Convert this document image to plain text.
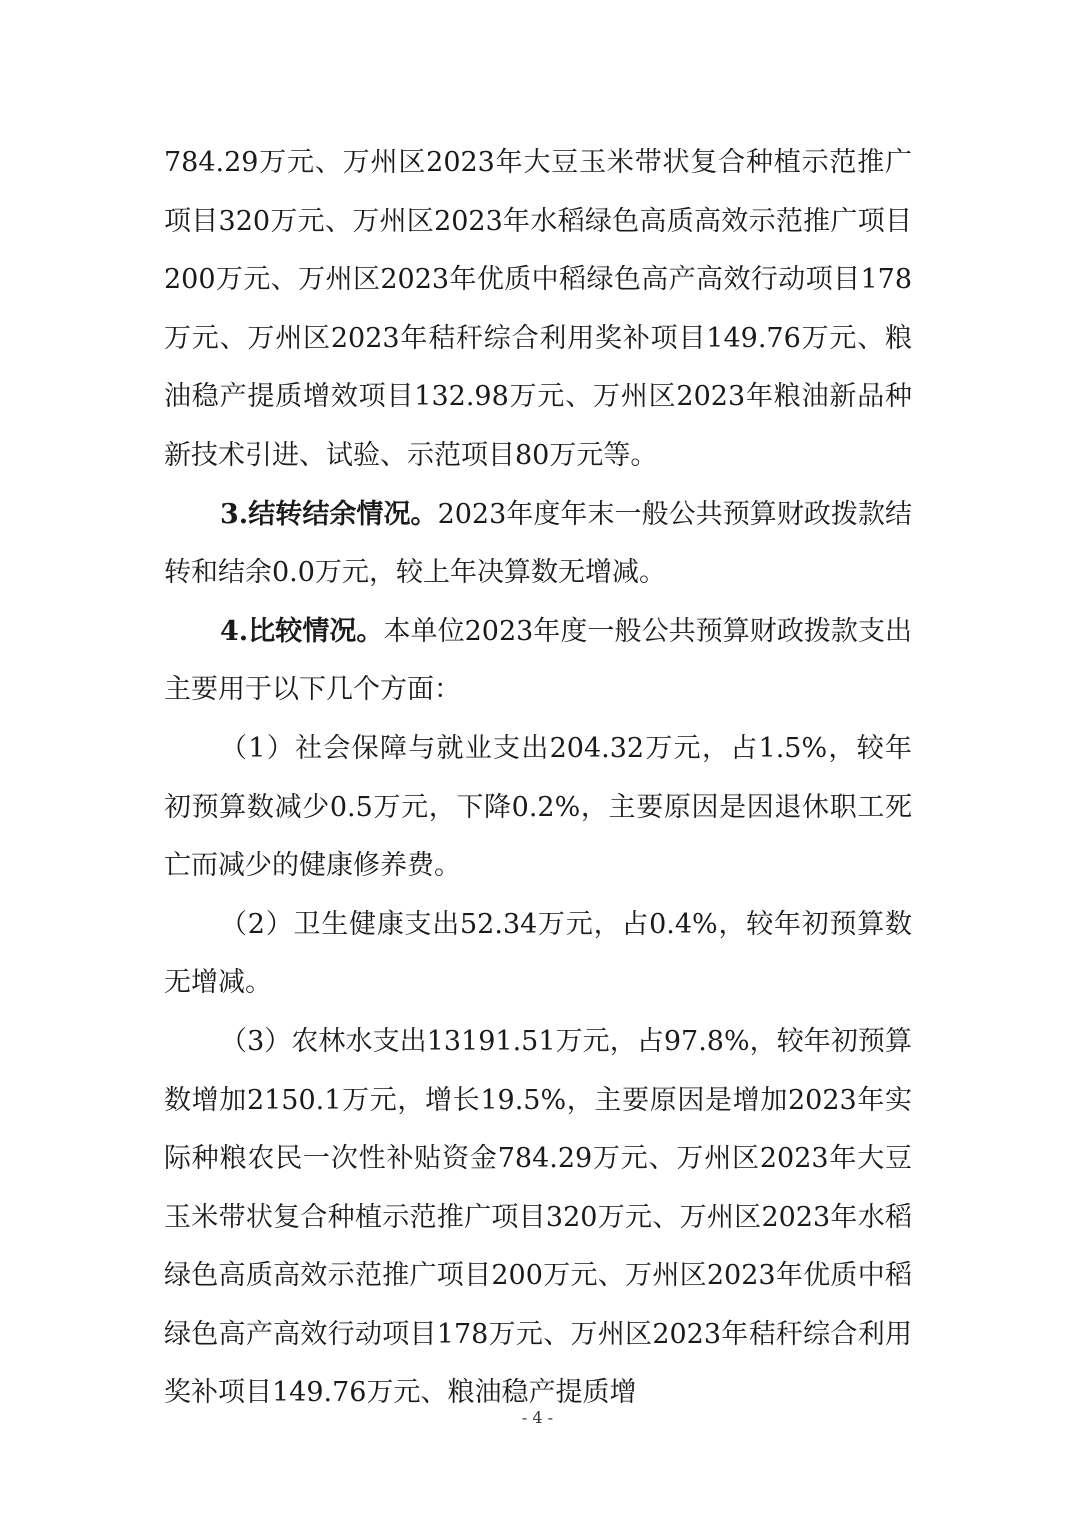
784.29万元、万州区2023年大豆玉米带状复合种植示范推广项目320万元、万州区2023年水稻绿色高质高效示范推广项目200万元、万州区2023年优质中稻绿色高产高效行动项目178万元、万州区2023年秸秆综合利用奖补项目149.76万元、粮油稳产提质增效项目132.98万元、万州区2023年粮油新品种新技术引进、试验、示范项目80万元等。

3.结转结余情况。2023年度年末一般公共预算财政拨款结转和结余0.0万元，较上年决算数无增减。

4.比较情况。本单位2023年度一般公共预算财政拨款支出主要用于以下几个方面：

（1）社会保障与就业支出204.32万元，占1.5%，较年初预算数减少0.5万元，下降0.2%，主要原因是因退休职工死亡而减少的健康修养费。

（2）卫生健康支出52.34万元，占0.4%，较年初预算数无增减。

（3）农林水支出13191.51万元，占97.8%，较年初预算数增加2150.1万元，增长19.5%，主要原因是增加2023年实际种粮农民一次性补贴资金784.29万元、万州区2023年大豆玉米带状复合种植示范推广项目320万元、万州区2023年水稻绿色高质高效示范推广项目200万元、万州区2023年优质中稻绿色高产高效行动项目178万元、万州区2023年秸秆综合利用奖补项目149.76万元、粮油稳产提质增

- 4 -
